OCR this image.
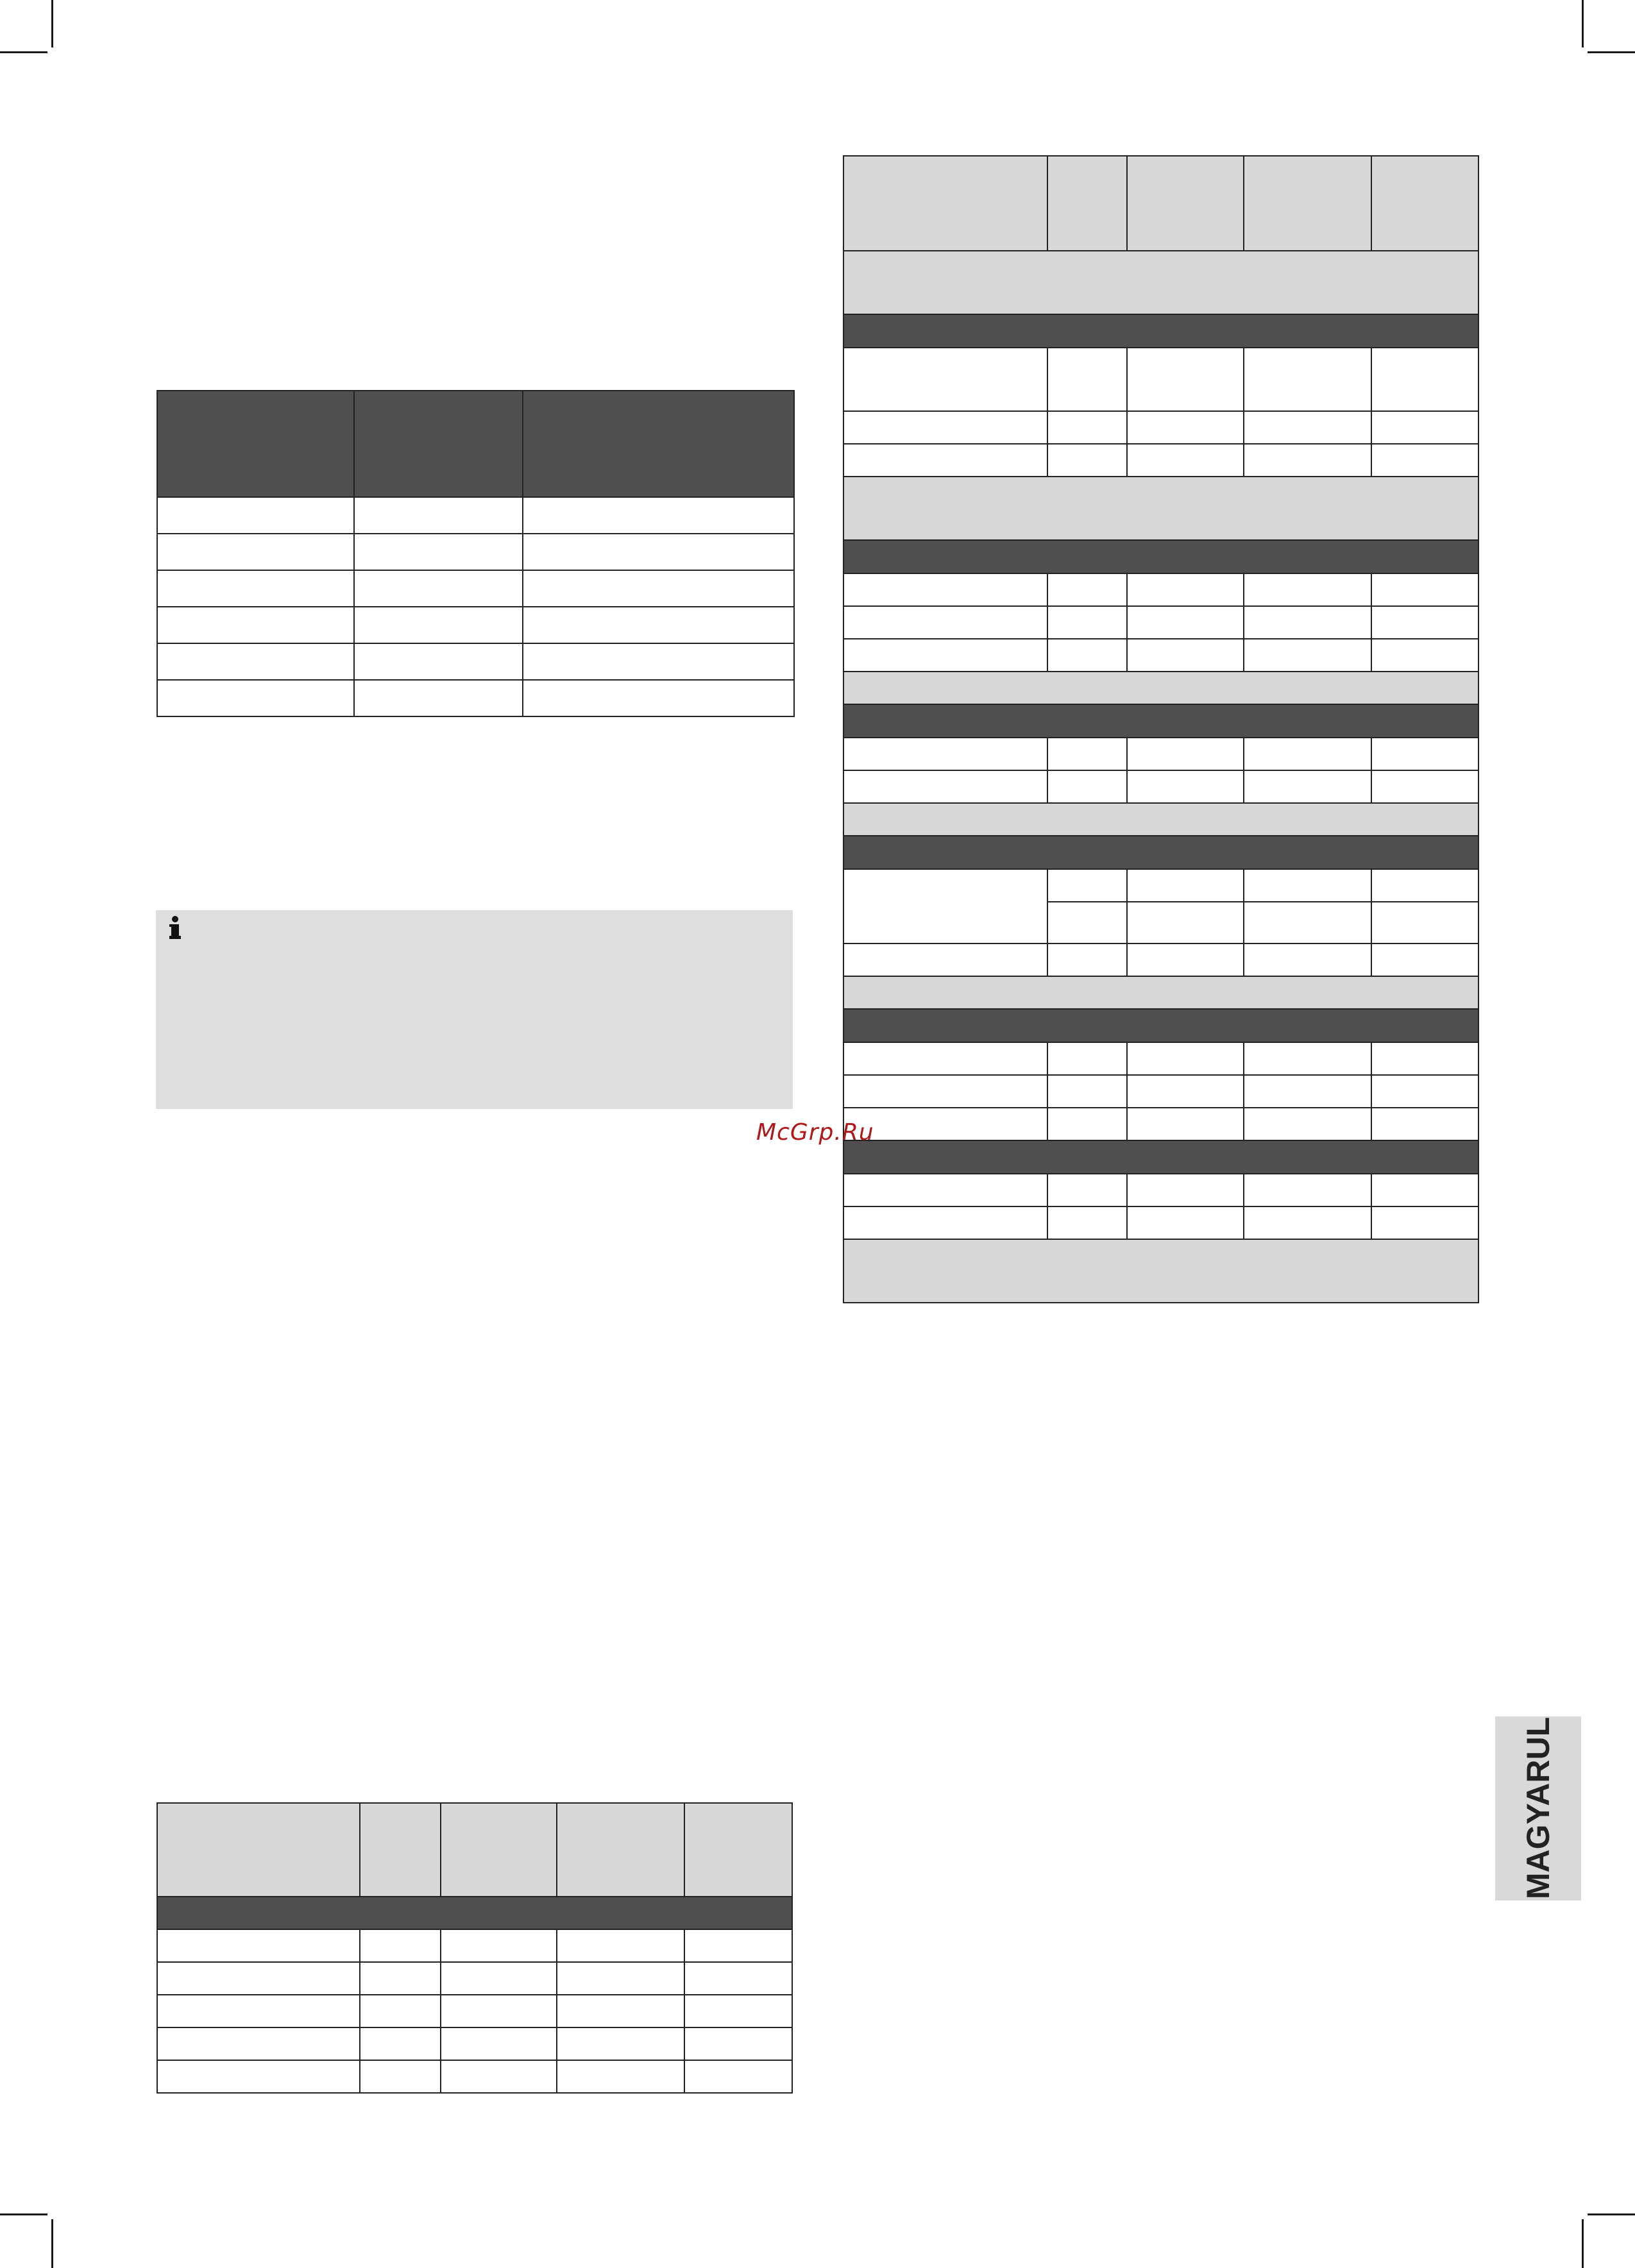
McGrp.Ru
MAGYARUL
